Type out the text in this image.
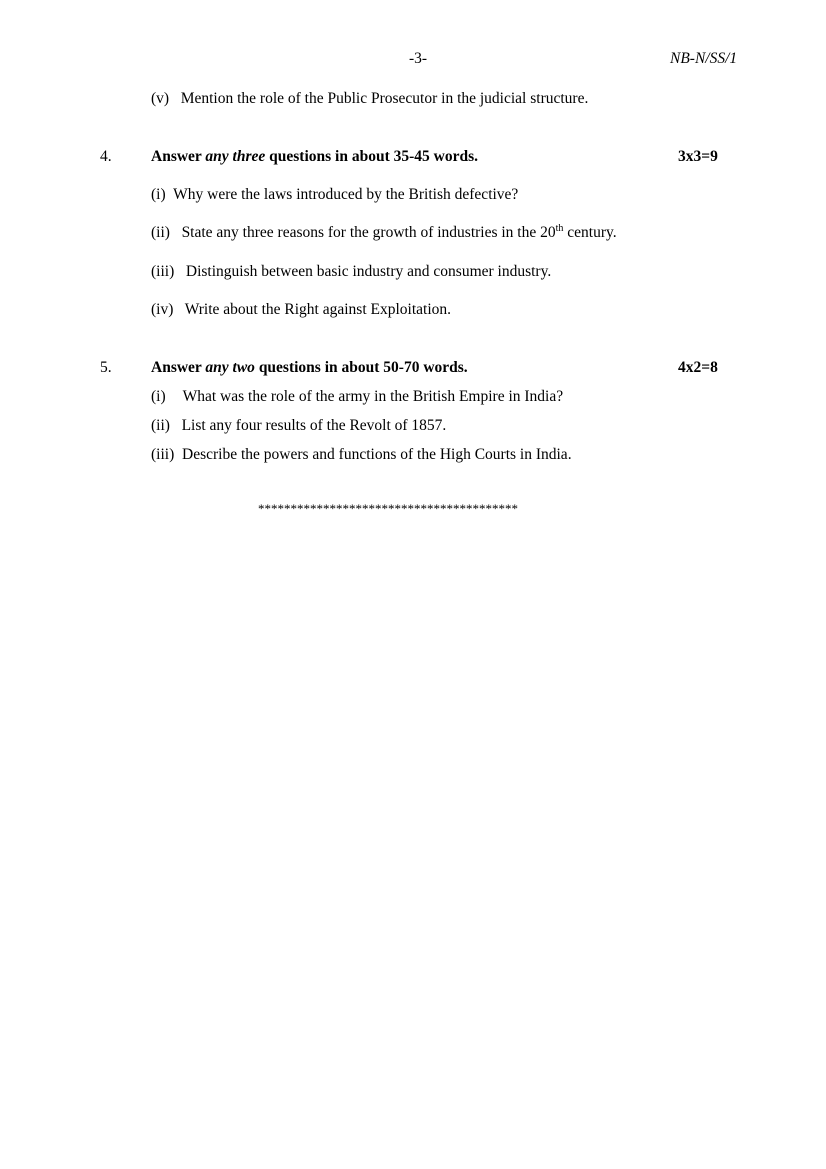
-3-	NB-N/SS/1
(v) Mention the role of the Public Prosecutor in the judicial structure.
4.	Answer any three questions in about 35-45 words.	3x3=9
(i) Why were the laws introduced by the British defective?
(ii) State any three reasons for the growth of industries in the 20th century.
(iii) Distinguish between basic industry and consumer industry.
(iv) Write about the Right against Exploitation.
5.	Answer any two questions in about 50-70 words.	4x2=8
(i) What was the role of the army in the British Empire in India?
(ii) List any four results of the Revolt of 1857.
(iii) Describe the powers and functions of the High Courts in India.
****************************************
